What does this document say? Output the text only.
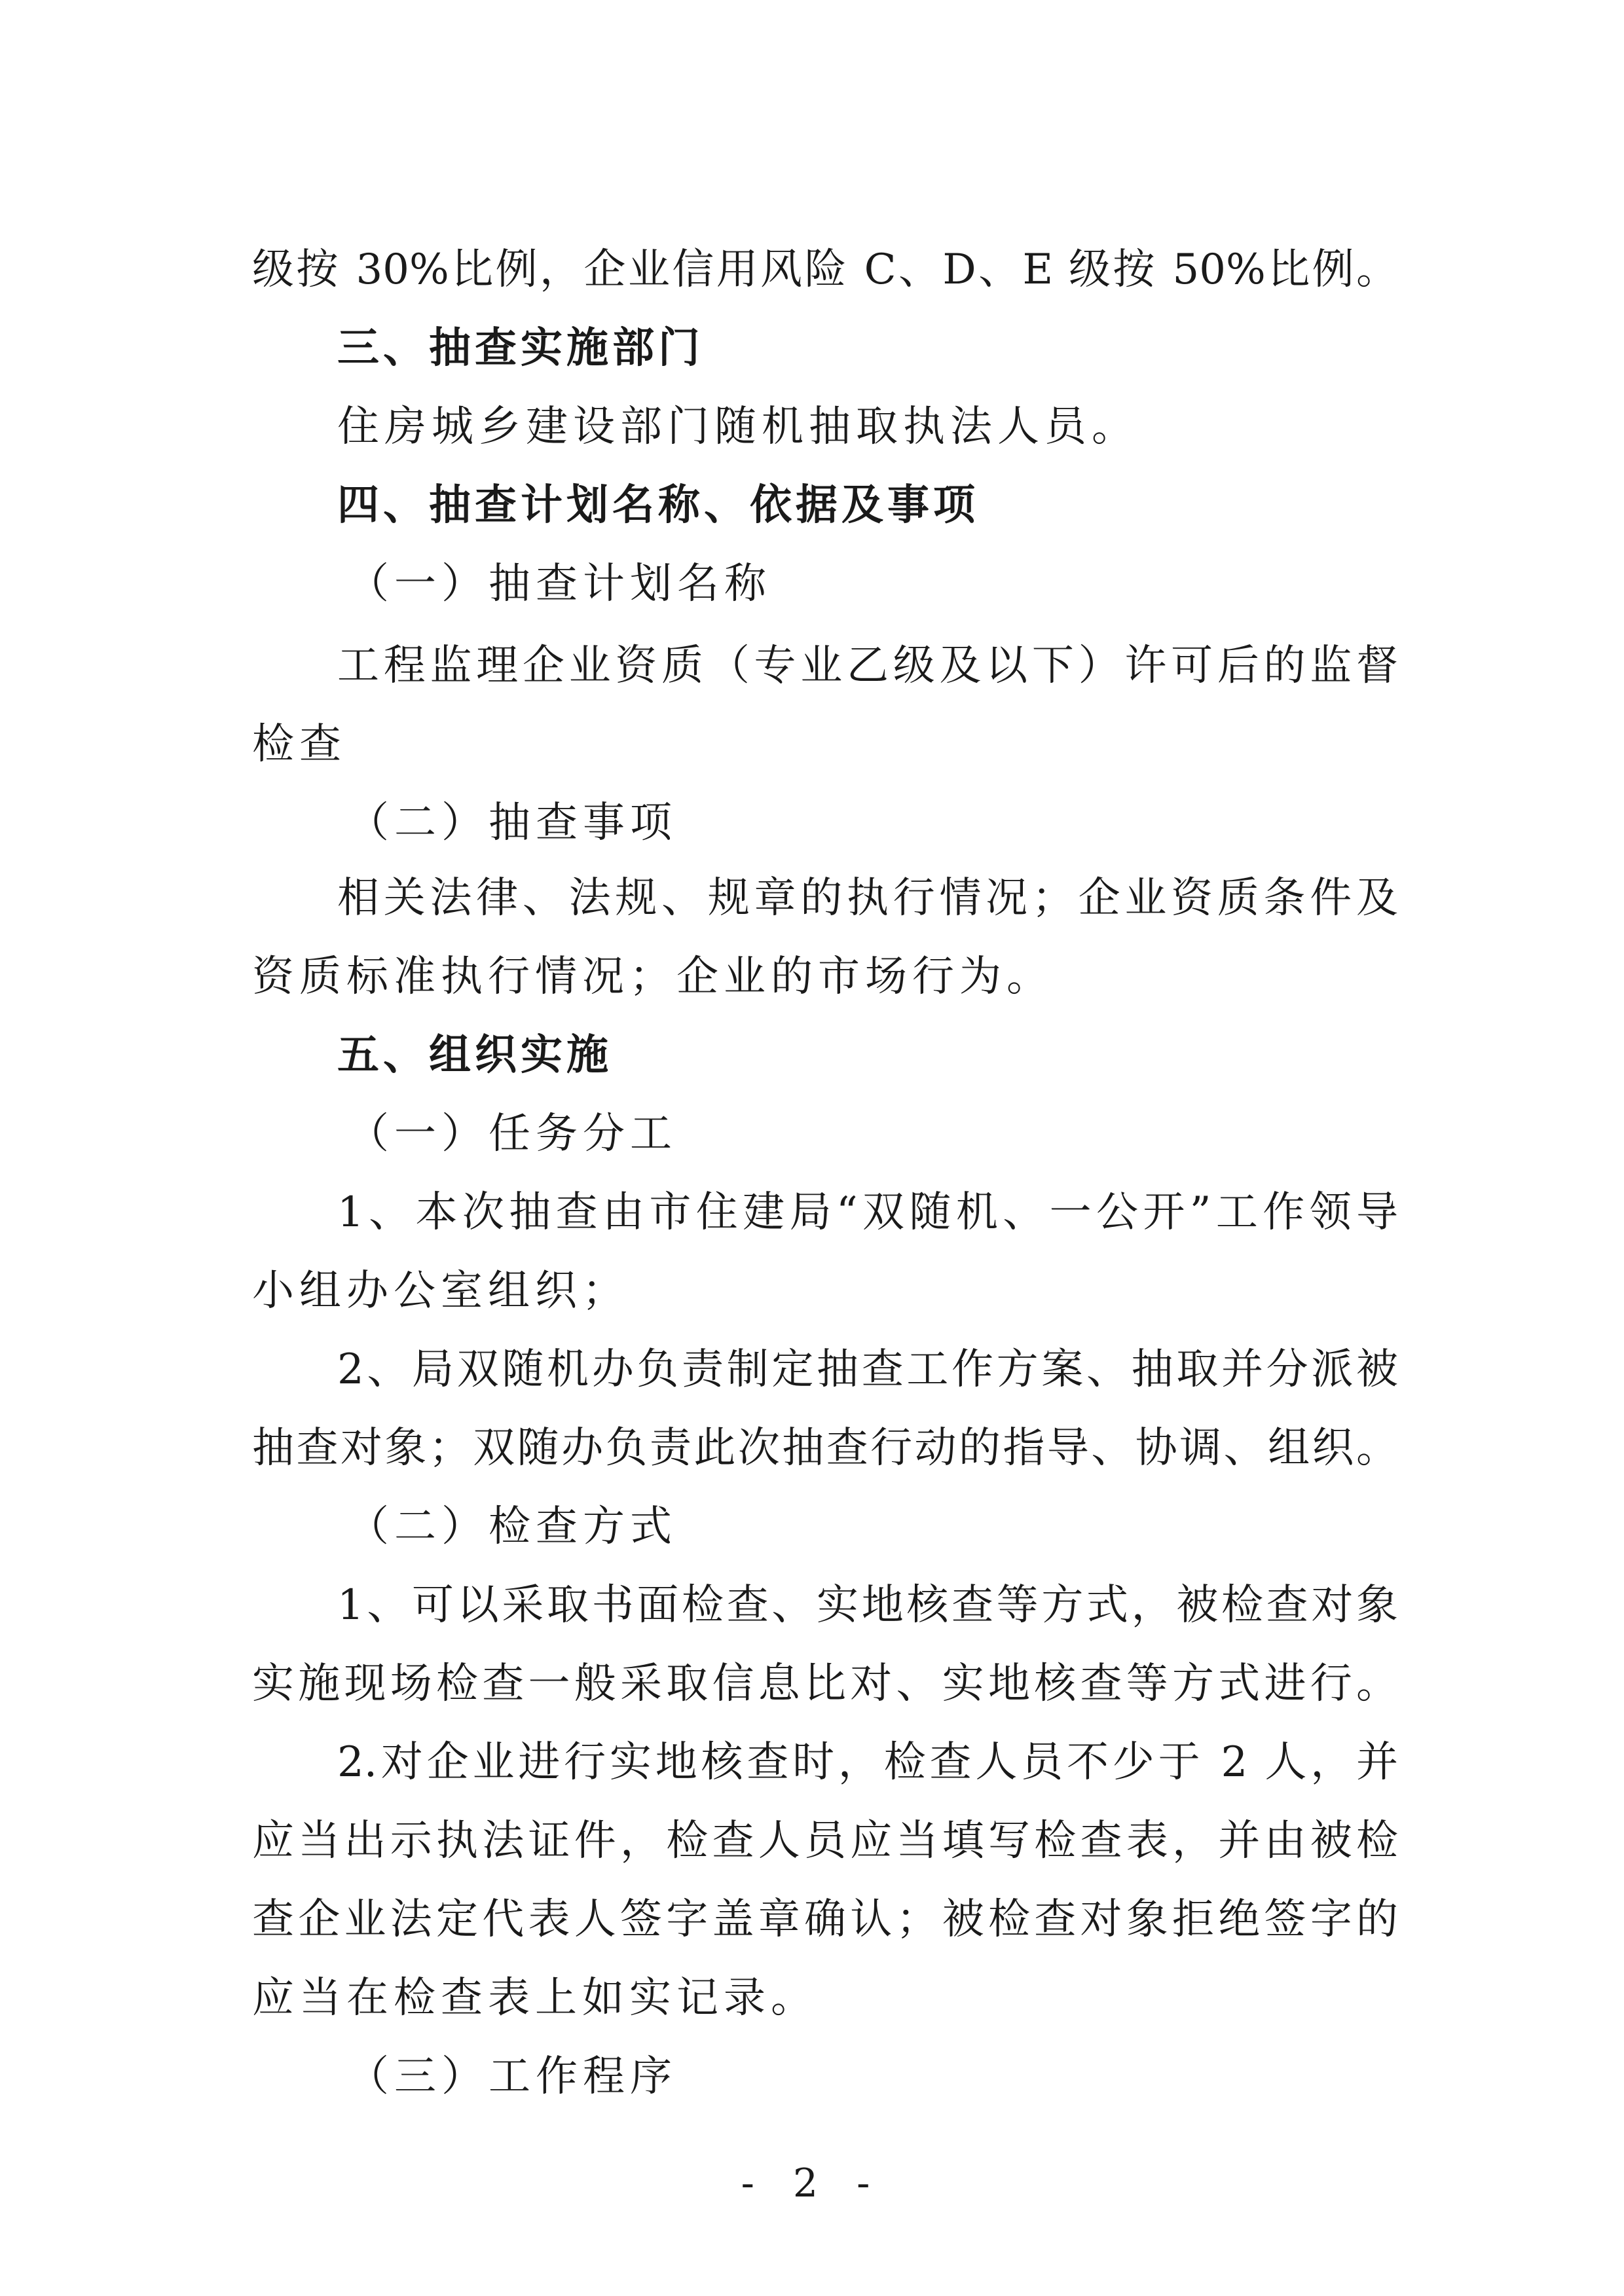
级按 30%比例，企业信用风险 C、D、E 级按 50%比例。
三、抽查实施部门
住房城乡建设部门随机抽取执法人员。
四、抽查计划名称、依据及事项
（一）抽查计划名称
工程监理企业资质（专业乙级及以下）许可后的监督
检查
（二）抽查事项
相关法律、法规、规章的执行情况；企业资质条件及
资质标准执行情况；企业的市场行为。
五、组织实施
（一）任务分工
1、本次抽查由市住建局“双随机、一公开”工作领导
小组办公室组织；
2、局双随机办负责制定抽查工作方案、抽取并分派被
抽查对象；双随办负责此次抽查行动的指导、协调、组织。
（二）检查方式
1、可以采取书面检查、实地核查等方式，被检查对象
实施现场检查一般采取信息比对、实地核查等方式进行。
2.对企业进行实地核查时，检查人员不少于 2 人，并
应当出示执法证件，检查人员应当填写检查表，并由被检
查企业法定代表人签字盖章确认；被检查对象拒绝签字的
应当在检查表上如实记录。
（三）工作程序
- 2 -
